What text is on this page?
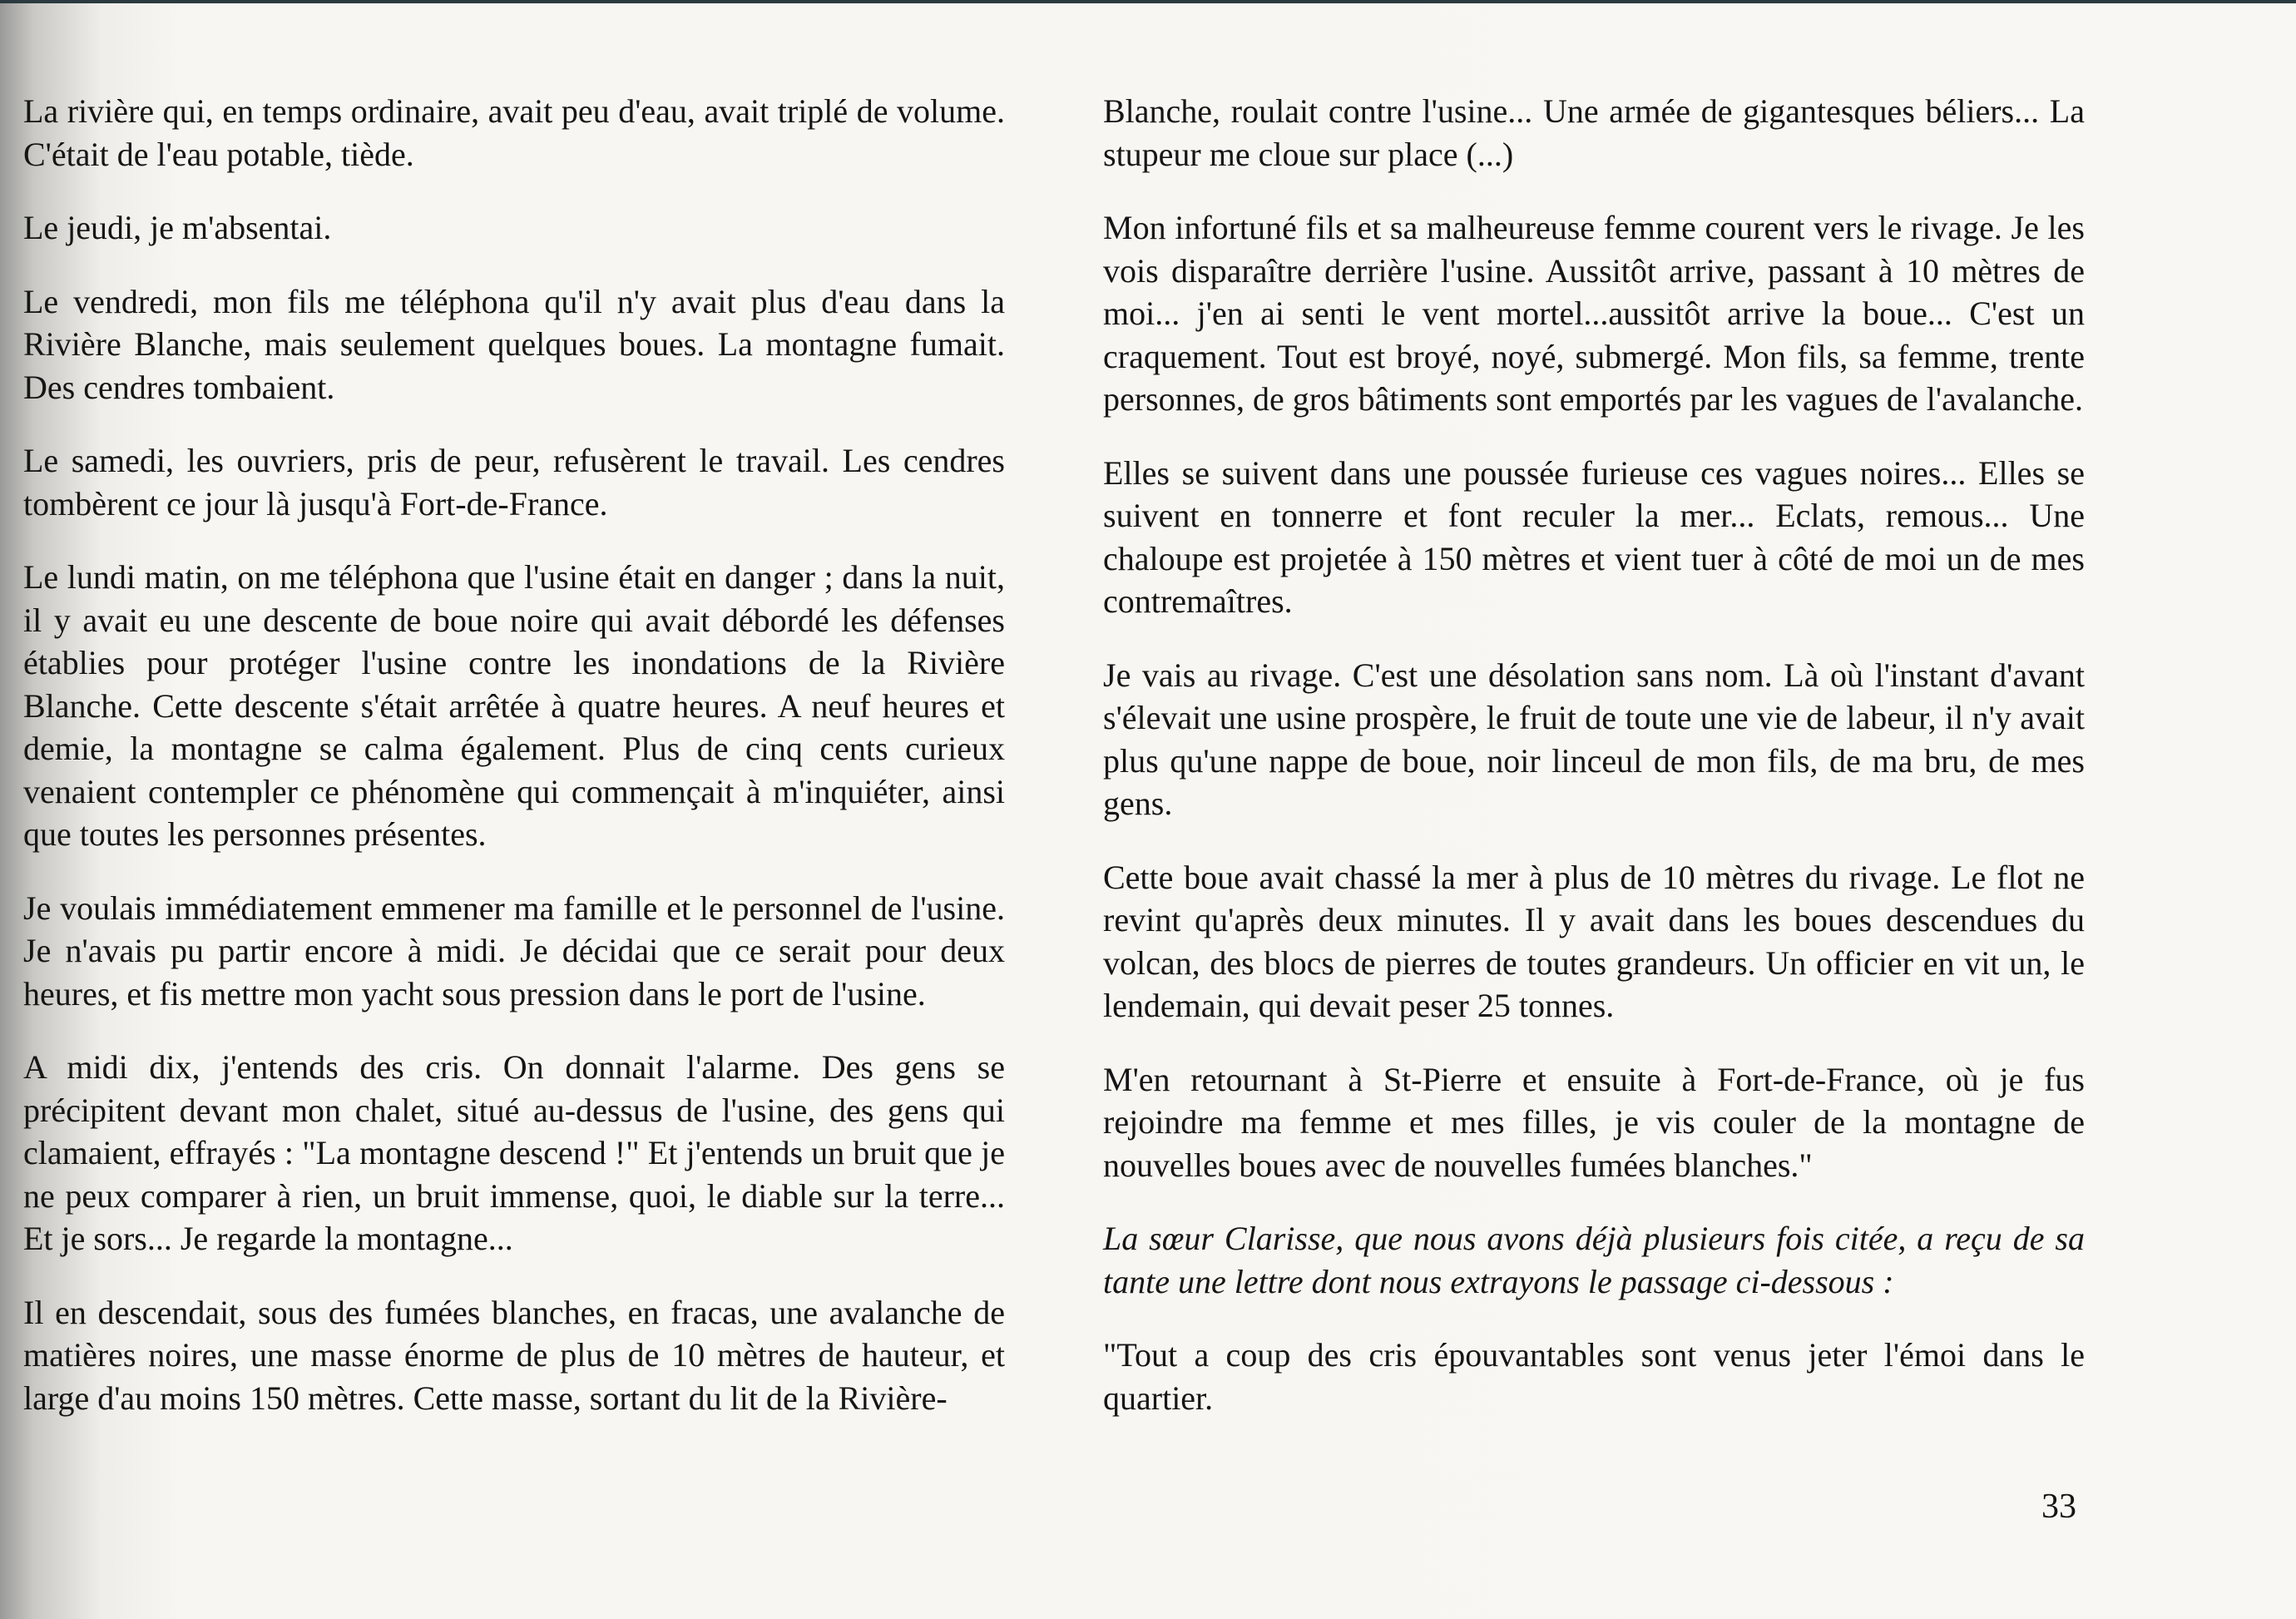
La rivière qui, en temps ordinaire, avait peu d'eau, avait triplé de volume. C'était de l'eau potable, tiède.

Le jeudi, je m'absentai.

Le vendredi, mon fils me téléphona qu'il n'y avait plus d'eau dans la Rivière Blanche, mais seulement quelques boues. La montagne fumait. Des cendres tombaient.

Le samedi, les ouvriers, pris de peur, refusèrent le travail. Les cendres tombèrent ce jour là jusqu'à Fort-de-France.

Le lundi matin, on me téléphona que l'usine était en danger ; dans la nuit, il y avait eu une descente de boue noire qui avait débordé les défenses établies pour protéger l'usine contre les inondations de la Rivière Blanche. Cette descente s'était arrêtée à quatre heures. A neuf heures et demie, la montagne se calma également. Plus de cinq cents curieux venaient contempler ce phénomène qui commençait à m'inquiéter, ainsi que toutes les personnes présentes.

Je voulais immédiatement emmener ma famille et le personnel de l'usine. Je n'avais pu partir encore à midi. Je décidai que ce serait pour deux heures, et fis mettre mon yacht sous pression dans le port de l'usine.

A midi dix, j'entends des cris. On donnait l'alarme. Des gens se précipitent devant mon chalet, situé au-dessus de l'usine, des gens qui clamaient, effrayés : "La montagne descend !" Et j'entends un bruit que je ne peux comparer à rien, un bruit immense, quoi, le diable sur la terre... Et je sors... Je regarde la montagne...

Il en descendait, sous des fumées blanches, en fracas, une avalanche de matières noires, une masse énorme de plus de 10 mètres de hauteur, et large d'au moins 150 mètres. Cette masse, sortant du lit de la Rivière-

Blanche, roulait contre l'usine... Une armée de gigantesques béliers... La stupeur me cloue sur place (...)

Mon infortuné fils et sa malheureuse femme courent vers le rivage. Je les vois disparaître derrière l'usine. Aussitôt arrive, passant à 10 mètres de moi... j'en ai senti le vent mortel...aussitôt arrive la boue... C'est un craquement. Tout est broyé, noyé, submergé. Mon fils, sa femme, trente personnes, de gros bâtiments sont emportés par les vagues de l'avalanche.

Elles se suivent dans une poussée furieuse ces vagues noires... Elles se suivent en tonnerre et font reculer la mer... Eclats, remous... Une chaloupe est projetée à 150 mètres et vient tuer à côté de moi un de mes contremaîtres.

Je vais au rivage. C'est une désolation sans nom. Là où l'instant d'avant s'élevait une usine prospère, le fruit de toute une vie de labeur, il n'y avait plus qu'une nappe de boue, noir linceul de mon fils, de ma bru, de mes gens.

Cette boue avait chassé la mer à plus de 10 mètres du rivage. Le flot ne revint qu'après deux minutes. Il y avait dans les boues descendues du volcan, des blocs de pierres de toutes grandeurs. Un officier en vit un, le lendemain, qui devait peser 25 tonnes.

M'en retournant à St-Pierre et ensuite à Fort-de-France, où je fus rejoindre ma femme et mes filles, je vis couler de la montagne de nouvelles boues avec de nouvelles fumées blanches."

La sœur Clarisse, que nous avons déjà plusieurs fois citée, a reçu de sa tante une lettre dont nous extrayons le passage ci-dessous :

"Tout a coup des cris épouvantables sont venus jeter l'émoi dans le quartier.

33
